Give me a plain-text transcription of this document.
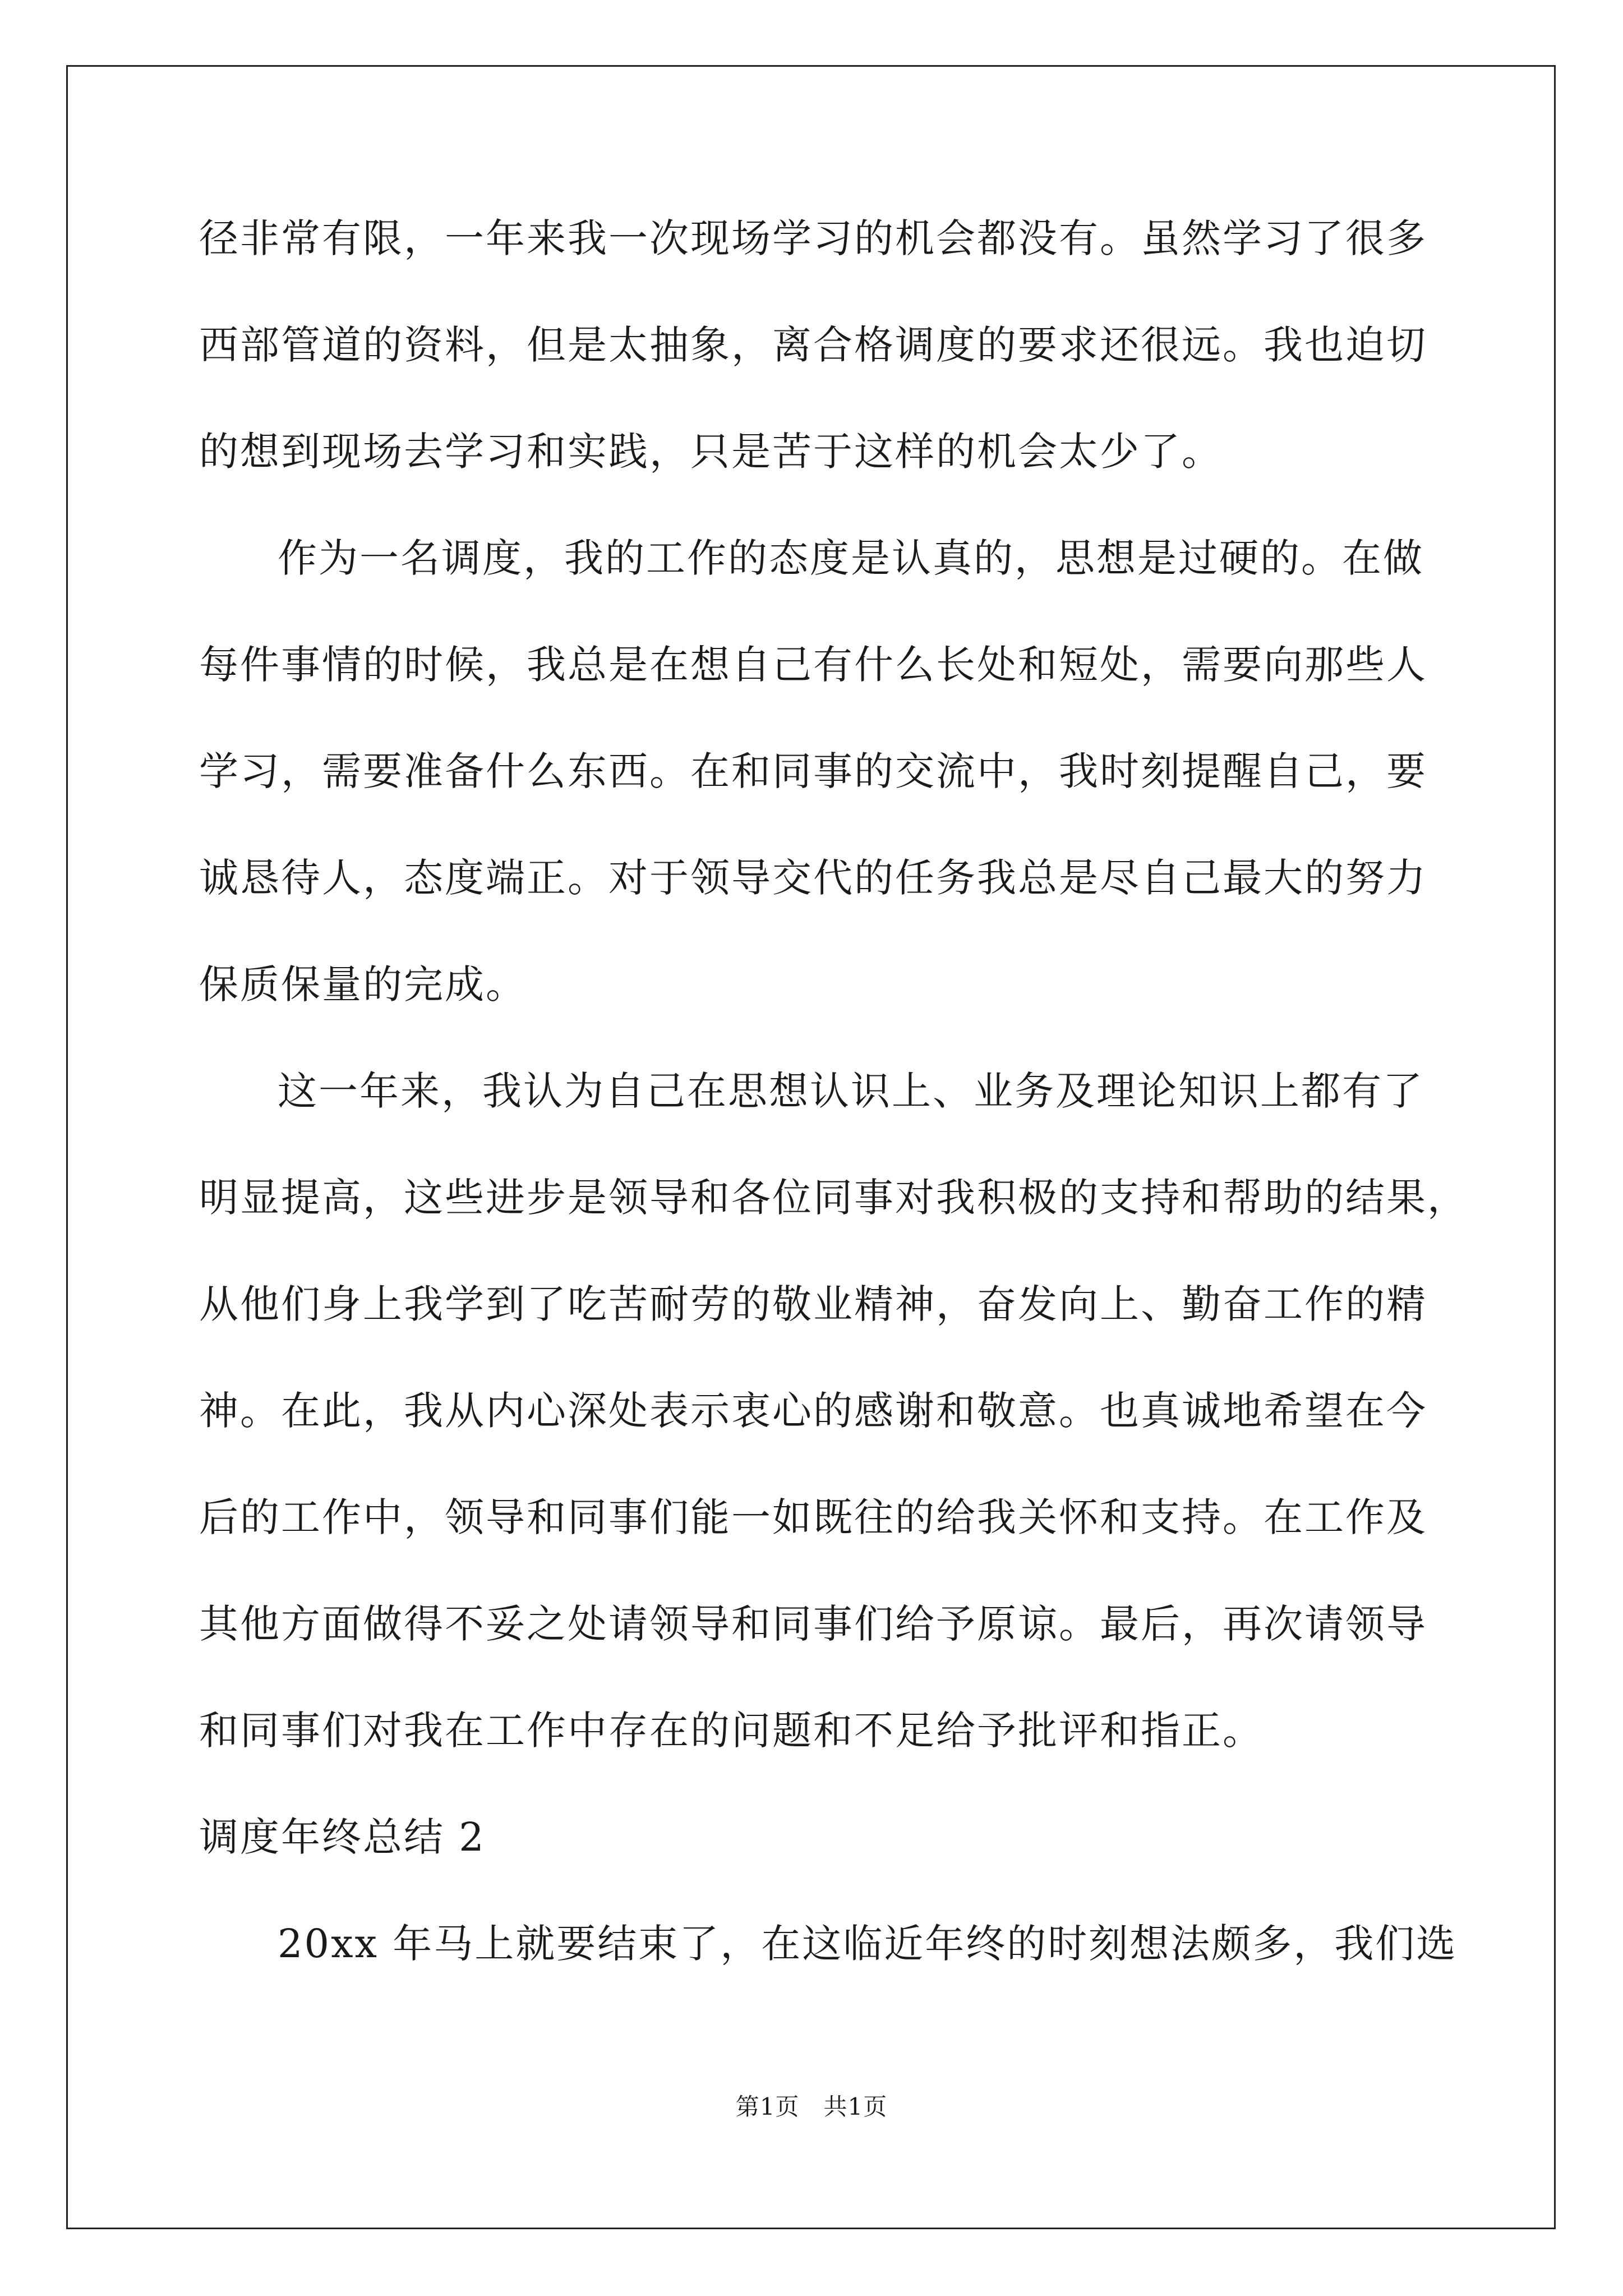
径非常有限，一年来我一次现场学习的机会都没有。虽然学习了很多
西部管道的资料，但是太抽象，离合格调度的要求还很远。我也迫切
的想到现场去学习和实践，只是苦于这样的机会太少了。
作为一名调度，我的工作的态度是认真的，思想是过硬的。在做
每件事情的时候，我总是在想自己有什么长处和短处，需要向那些人
学习，需要准备什么东西。在和同事的交流中，我时刻提醒自己，要
诚恳待人，态度端正。对于领导交代的任务我总是尽自己最大的努力
保质保量的完成。
这一年来，我认为自己在思想认识上、业务及理论知识上都有了
明显提高，这些进步是领导和各位同事对我积极的支持和帮助的结果，
从他们身上我学到了吃苦耐劳的敬业精神，奋发向上、勤奋工作的精
神。在此，我从内心深处表示衷心的感谢和敬意。也真诚地希望在今
后的工作中，领导和同事们能一如既往的给我关怀和支持。在工作及
其他方面做得不妥之处请领导和同事们给予原谅。最后，再次请领导
和同事们对我在工作中存在的问题和不足给予批评和指正。
调度年终总结 2
20xx 年马上就要结束了，在这临近年终的时刻想法颇多，我们选
第1页 共1页
